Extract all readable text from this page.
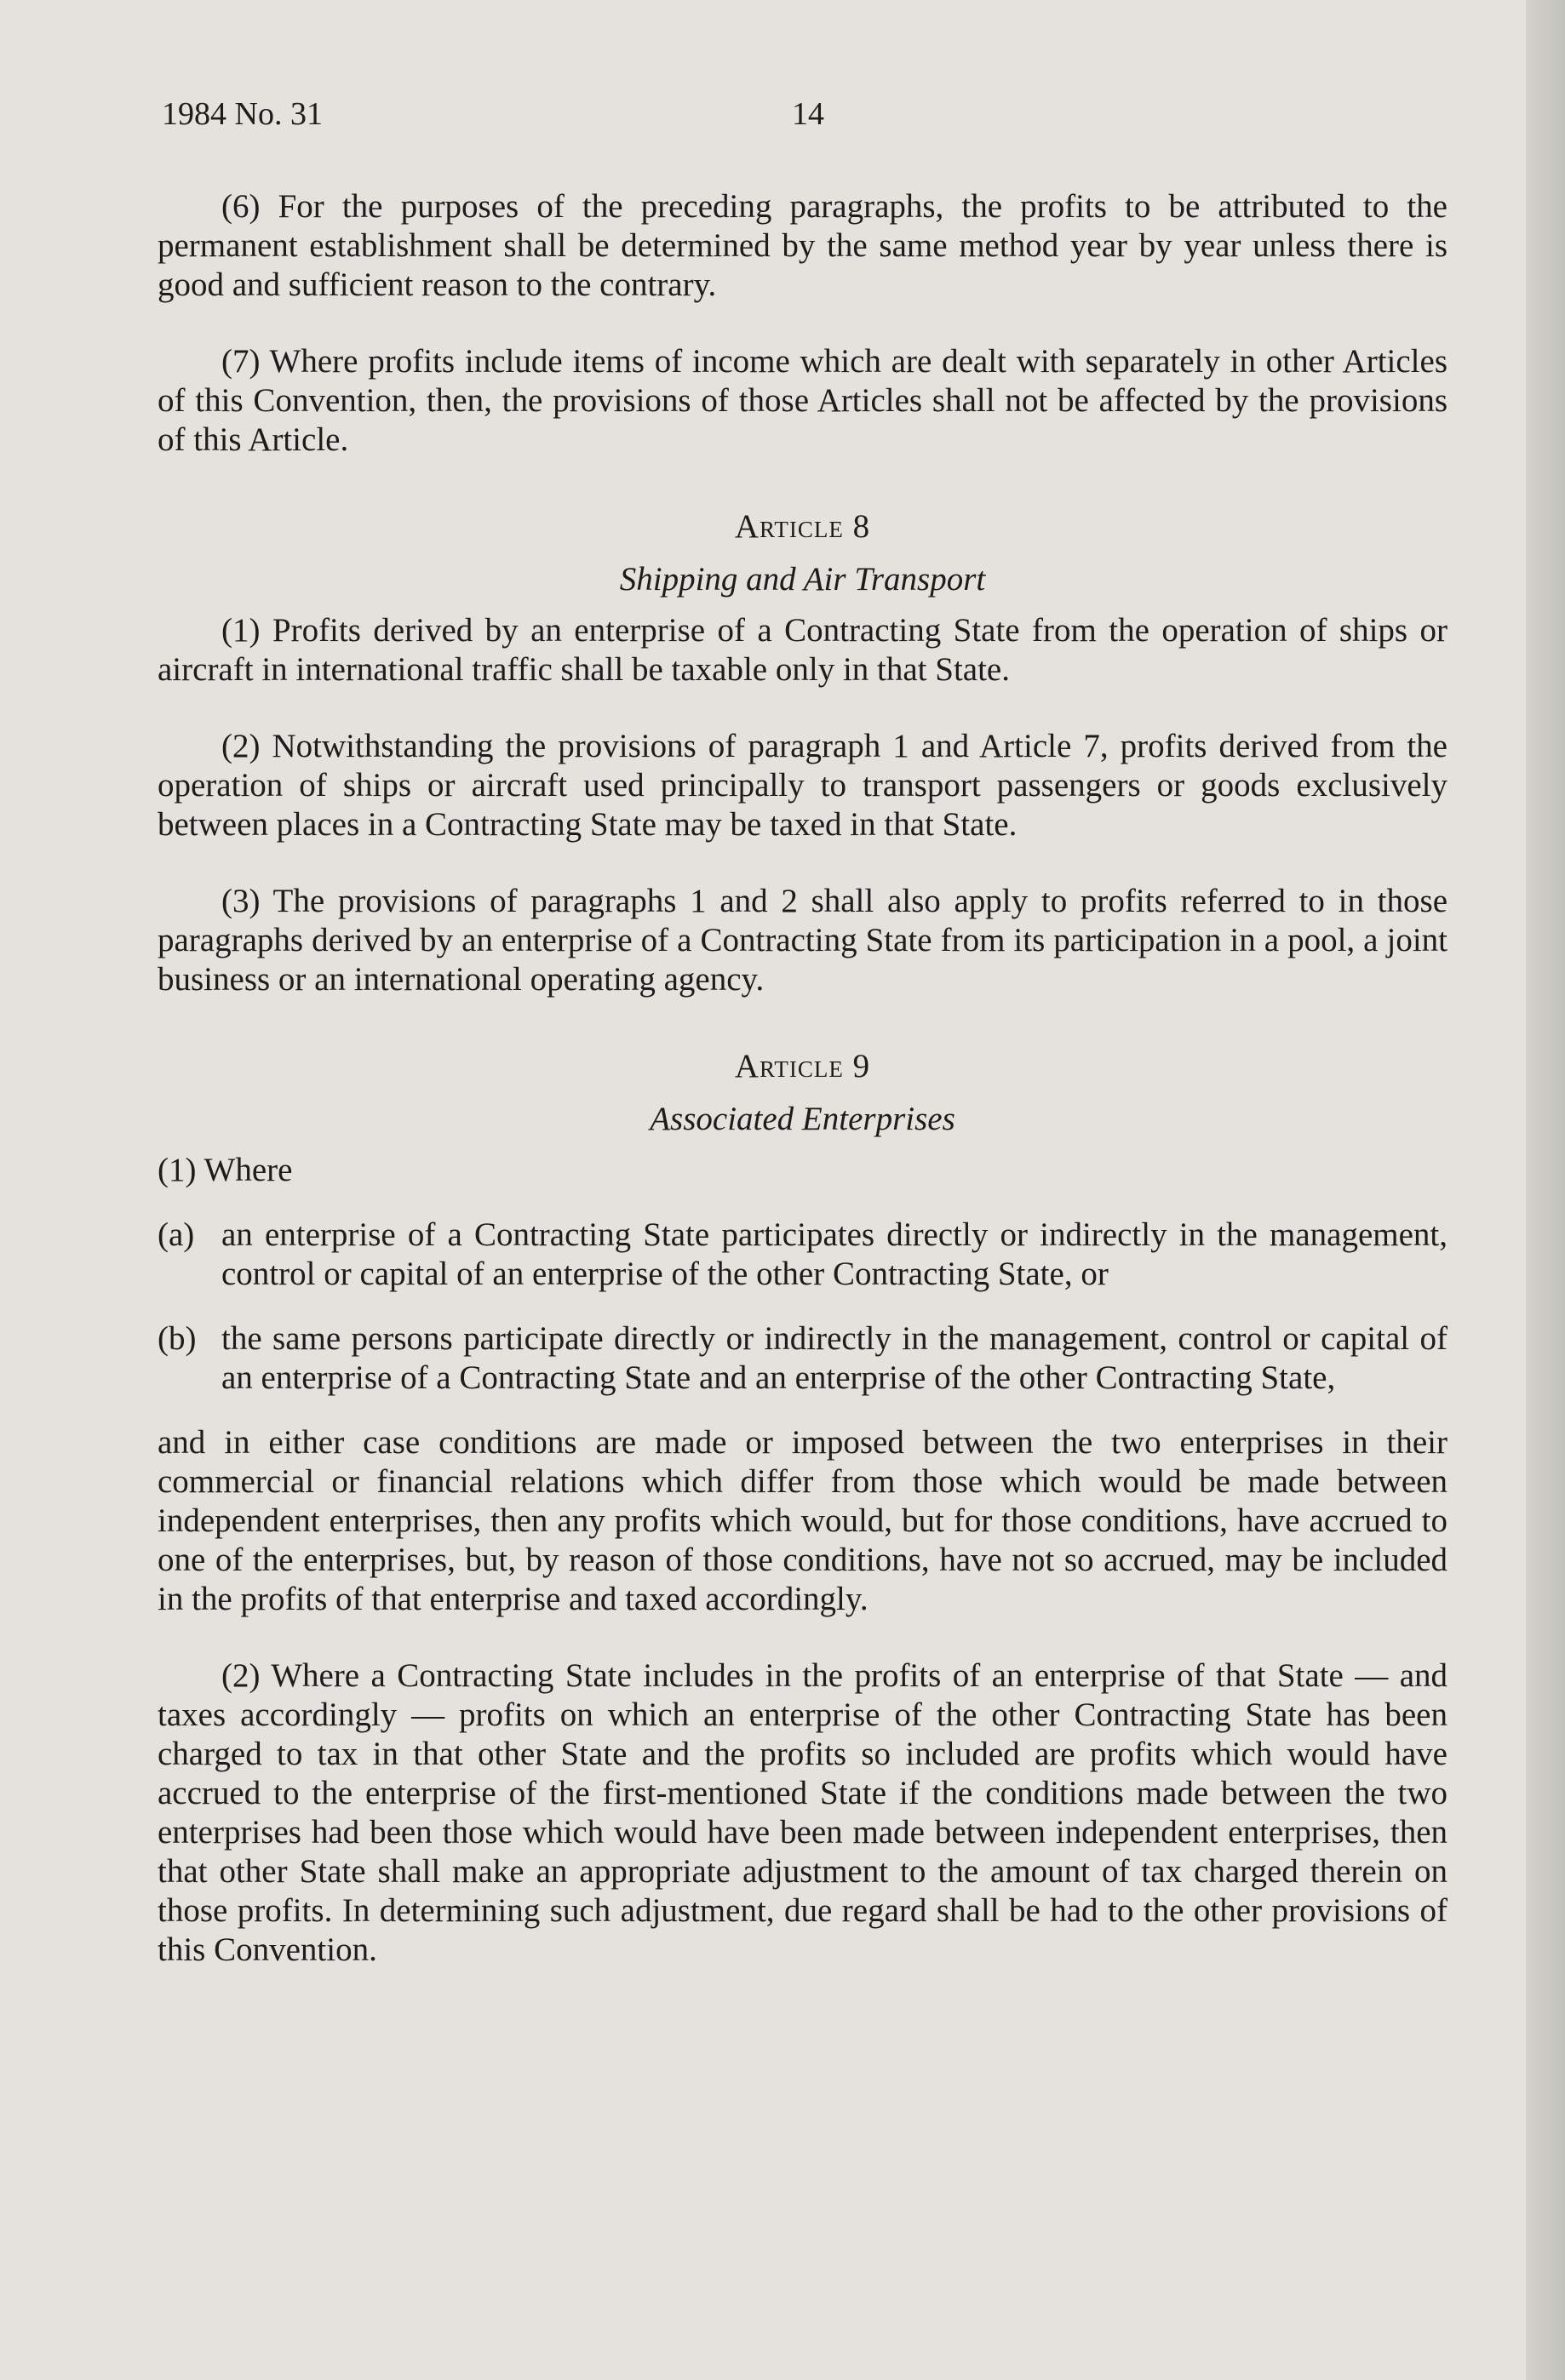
1984 No. 31	14

(6) For the purposes of the preceding paragraphs, the profits to be attributed to the permanent establishment shall be determined by the same method year by year unless there is good and sufficient reason to the contrary.

(7) Where profits include items of income which are dealt with separately in other Articles of this Convention, then, the provisions of those Articles shall not be affected by the provisions of this Article.

Article 8
Shipping and Air Transport

(1) Profits derived by an enterprise of a Contracting State from the operation of ships or aircraft in international traffic shall be taxable only in that State.

(2) Notwithstanding the provisions of paragraph 1 and Article 7, profits derived from the operation of ships or aircraft used principally to transport passengers or goods exclusively between places in a Contracting State may be taxed in that State.

(3) The provisions of paragraphs 1 and 2 shall also apply to profits referred to in those paragraphs derived by an enterprise of a Contracting State from its participation in a pool, a joint business or an international operating agency.

Article 9
Associated Enterprises
(1) Where
(a) an enterprise of a Contracting State participates directly or indirectly in the management, control or capital of an enterprise of the other Contracting State, or
(b) the same persons participate directly or indirectly in the management, control or capital of an enterprise of a Contracting State and an enterprise of the other Contracting State,

and in either case conditions are made or imposed between the two enterprises in their commercial or financial relations which differ from those which would be made between independent enterprises, then any profits which would, but for those conditions, have accrued to one of the enterprises, but, by reason of those conditions, have not so accrued, may be included in the profits of that enterprise and taxed accordingly.

(2) Where a Contracting State includes in the profits of an enterprise of that State — and taxes accordingly — profits on which an enterprise of the other Contracting State has been charged to tax in that other State and the profits so included are profits which would have accrued to the enterprise of the first-mentioned State if the conditions made between the two enterprises had been those which would have been made between independent enterprises, then that other State shall make an appropriate adjustment to the amount of tax charged therein on those profits. In determining such adjustment, due regard shall be had to the other provisions of this Convention.
